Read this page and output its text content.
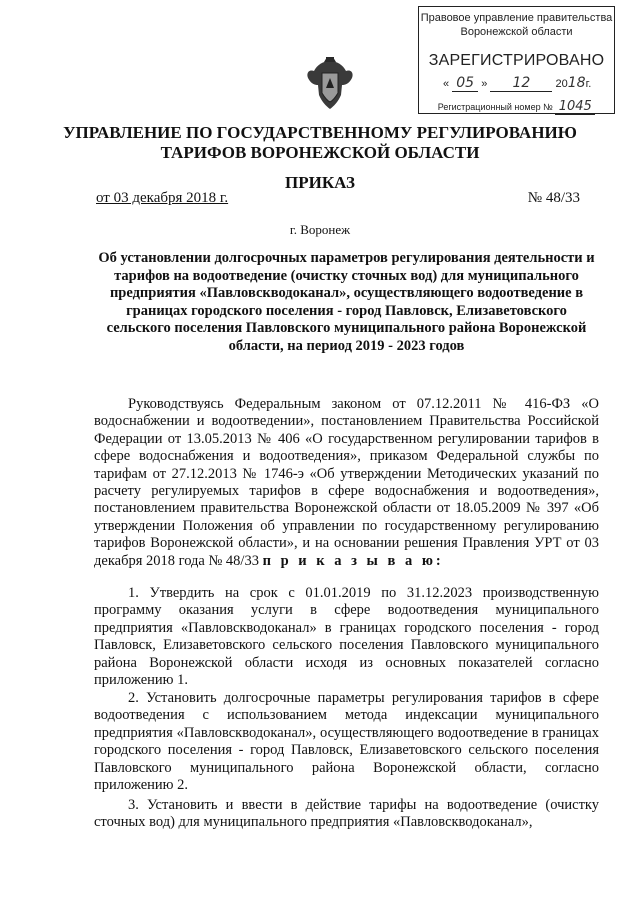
Правовое управление правительства
Воронежской области
ЗАРЕГИСТРИРОВАНО
« 05 » 12 2018г.
Регистрационный номер № 1045
УПРАВЛЕНИЕ ПО ГОСУДАРСТВЕННОМУ РЕГУЛИРОВАНИЮ
ТАРИФОВ ВОРОНЕЖСКОЙ ОБЛАСТИ
ПРИКАЗ
от 03 декабря 2018 г.	№ 48/33
г. Воронеж
Об установлении долгосрочных параметров регулирования деятельности и тарифов на водоотведение (очистку сточных вод) для муниципального предприятия «Павловскводоканал», осуществляющего водоотведение в границах городского поселения - город Павловск, Елизаветовского сельского поселения Павловского муниципального района Воронежской области, на период 2019 - 2023 годов

Руководствуясь Федеральным законом от 07.12.2011 № 416-ФЗ «О водоснабжении и водоотведении», постановлением Правительства Российской Федерации от 13.05.2013 № 406 «О государственном регулировании тарифов в сфере водоснабжения и водоотведения», приказом Федеральной службы по тарифам от 27.12.2013 № 1746-э «Об утверждении Методических указаний по расчету регулируемых тарифов в сфере водоснабжения и водоотведения», постановлением правительства Воронежской области от 18.05.2009 № 397 «Об утверждении Положения об управлении по государственному регулированию тарифов Воронежской области», и на основании решения Правления УРТ от 03 декабря 2018 года № 48/33 п р и к а з ы в а ю:

1. Утвердить на срок с 01.01.2019 по 31.12.2023 производственную программу оказания услуги в сфере водоотведения муниципального предприятия «Павловскводоканал» в границах городского поселения - город Павловск, Елизаветовского сельского поселения Павловского муниципального района Воронежской области исходя из основных показателей согласно приложению 1.

2. Установить долгосрочные параметры регулирования тарифов в сфере водоотведения с использованием метода индексации муниципального предприятия «Павловскводоканал», осуществляющего водоотведение в границах городского поселения - город Павловск, Елизаветовского сельского поселения Павловского муниципального района Воронежской области, согласно приложению 2.

3. Установить и ввести в действие тарифы на водоотведение (очистку сточных вод) для муниципального предприятия «Павловскводоканал»,
